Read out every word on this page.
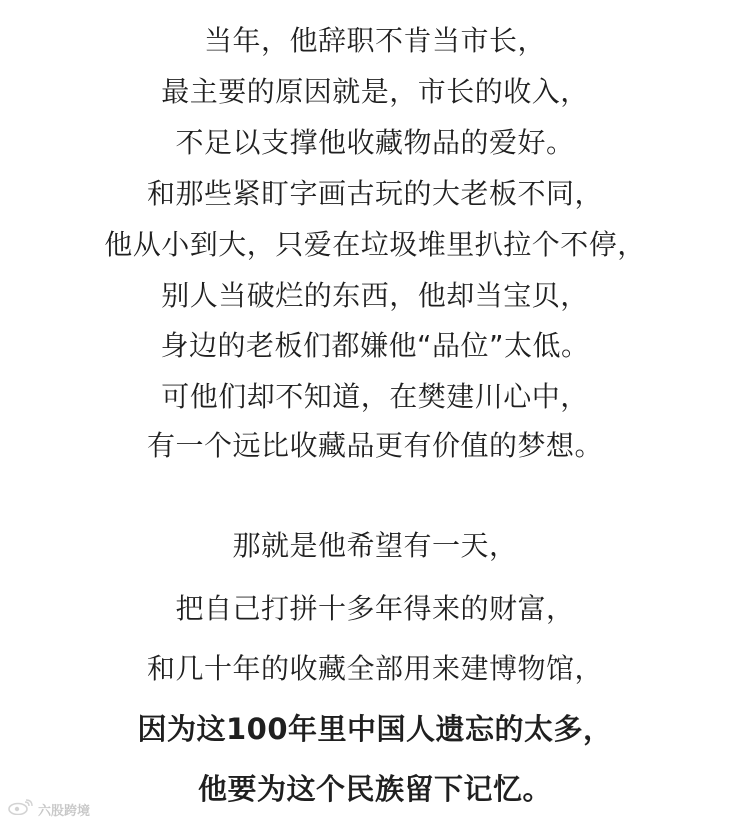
当年，他辞职不肯当市长，
最主要的原因就是，市长的收入，
不足以支撑他收藏物品的爱好。
和那些紧盯字画古玩的大老板不同，
他从小到大，只爱在垃圾堆里扒拉个不停，
别人当破烂的东西，他却当宝贝，
身边的老板们都嫌他“品位”太低。
可他们却不知道，在樊建川心中，
有一个远比收藏品更有价值的梦想。
那就是他希望有一天，
把自己打拼十多年得来的财富，
和几十年的收藏全部用来建博物馆，
因为这100年里中国人遗忘的太多，
他要为这个民族留下记忆。
六股跨境
